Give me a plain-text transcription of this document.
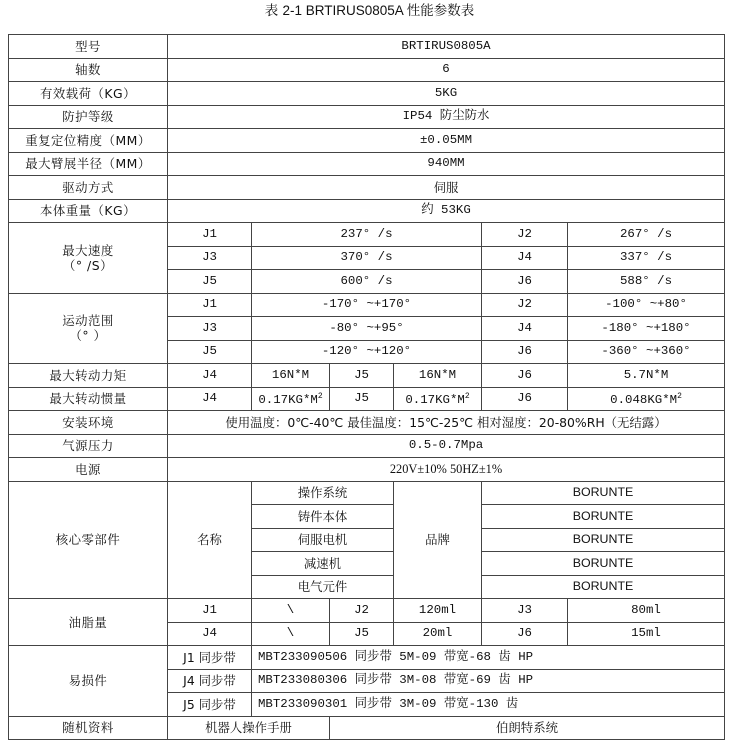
表 2-1 BRTIRUS0805A 性能参数表
型号	BRTIRUS0805A					
轴数	6					
有效载荷（KG）	5KG					
防护等级	IP54 防尘防水					
重复定位精度（MM）	±0.05MM					
最大臂展半径（MM）	940MM					
驱动方式	伺服					
本体重量（KG）	约 53KG					
最大速度
（° /S）	J1	237° /s			J2	267° /s
	J3	370° /s			J4	337° /s
	J5	600° /s			J6	588° /s
运动范围
（° ）	J1	-170° ~+170°			J2	-100° ~+80°
	J3	-80° ~+95°			J4	-180° ~+180°
	J5	-120° ~+120°			J6	-360° ~+360°
最大转动力矩	J4	16N*M	J5	16N*M	J6	5.7N*M
最大转动惯量	J4	$0.17KG*M^2$	J5	$0.17KG*M^2$	J6	$0.048KG*M^2$
安装环境	使用温度：0℃-40℃ 最佳温度：15℃-25℃ 相对湿度：20-80%RH（无结露）					
气源压力	0.5-0.7Mpa					
电源	220V±10% 50HZ±1%					
核心零部件	名称	操作系统		品牌	BORUNTE	
		铸件本体			BORUNTE	
		伺服电机			BORUNTE	
		减速机			BORUNTE	
		电气元件			BORUNTE	
油脂量	J1	\	J2	120ml	J3	80ml
	J4	\	J5	20ml	J6	15ml
易损件	J1 同步带	MBT233090506 同步带 5M-09 带宽-68 齿 HP				
	J4 同步带	MBT233080306 同步带 3M-08 带宽-69 齿 HP				
	J5 同步带	MBT233090301 同步带 3M-09 带宽-130 齿				
随机资料	机器人操作手册		伯朗特系统			
